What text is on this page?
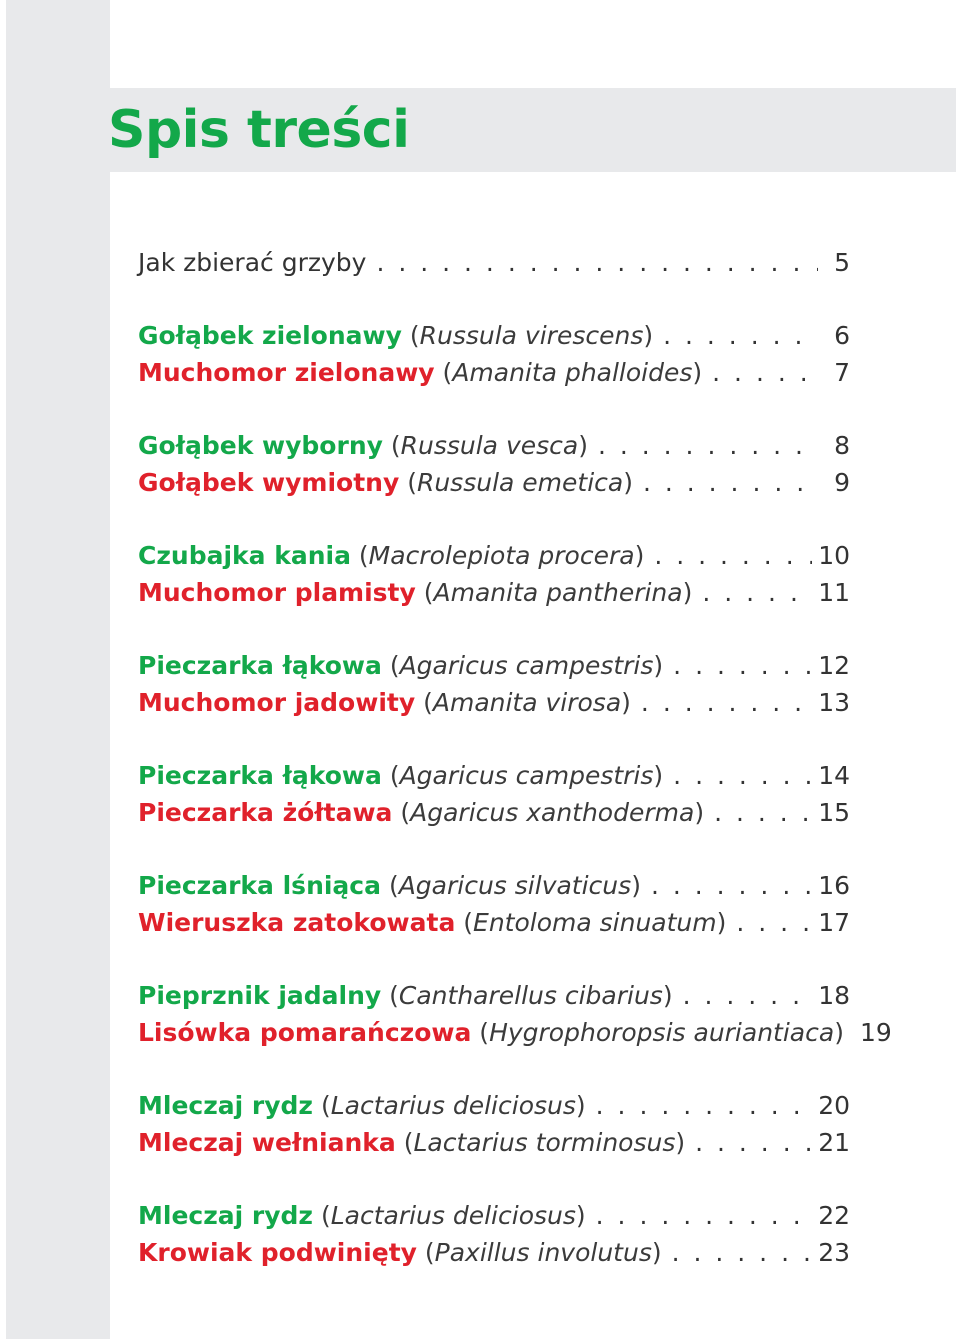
Spis treści
Jak zbierać grzyby . . .	5
Gołąbek zielonawy (Russula virescens) . . .	6
Muchomor zielonawy (Amanita phalloides) . . .	7
Gołąbek wyborny (Russula vesca) . . .	8
Gołąbek wymiotny (Russula emetica) . . .	9
Czubajka kania (Macrolepiota procera) . . .	10
Muchomor plamisty (Amanita pantherina) . . .	11
Pieczarka łąkowa (Agaricus campestris) . . .	12
Muchomor jadowity (Amanita virosa) . . .	13
Pieczarka łąkowa (Agaricus campestris) . . .	14
Pieczarka żółtawa (Agaricus xanthoderma) . . .	15
Pieczarka lśniąca (Agaricus silvaticus) . . .	16
Wieruszka zatokowata (Entoloma sinuatum) . . .	17
Pieprznik jadalny (Cantharellus cibarius) . . .	18
Lisówka pomarańczowa (Hygrophoropsis auriantiaca) 19
Mleczaj rydz (Lactarius deliciosus) . . .	20
Mleczaj wełnianka (Lactarius torminosus) . . .	21
Mleczaj rydz (Lactarius deliciosus) . . .	22
Krowiak podwinięty (Paxillus involutus) . . .	23
